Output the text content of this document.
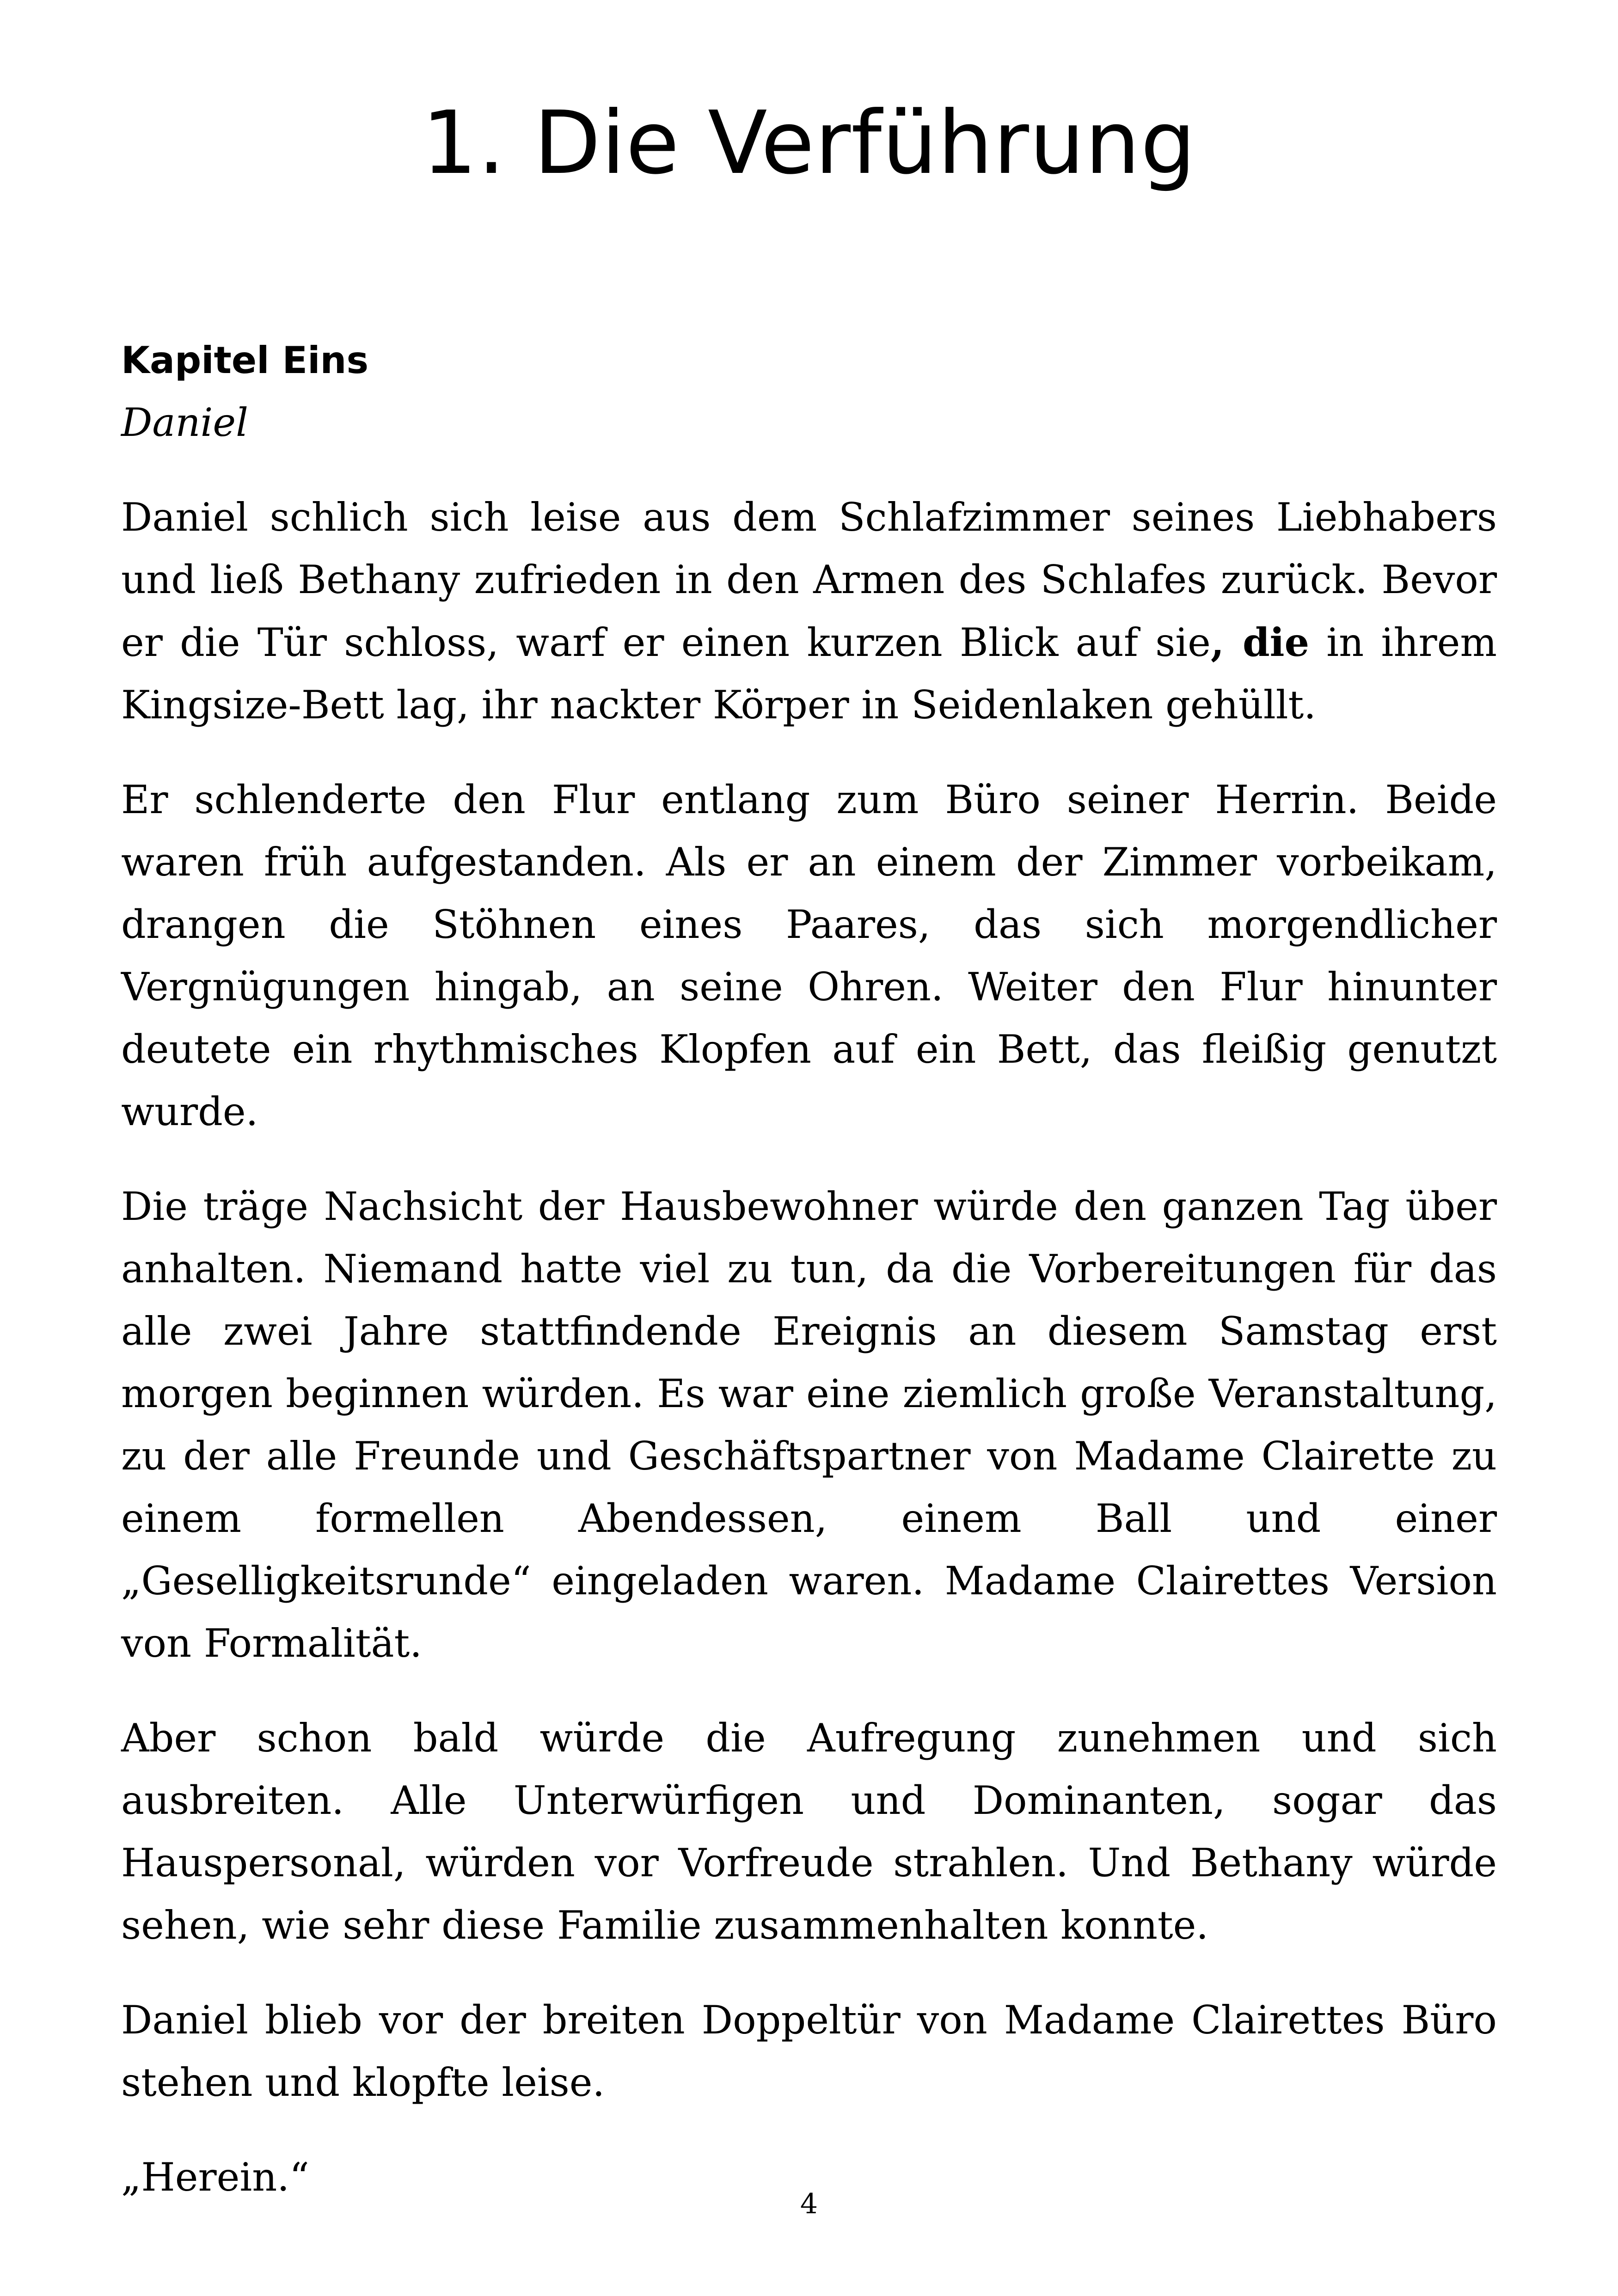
1. Die Verführung

Kapitel Eins

Daniel

Daniel schlich sich leise aus dem Schlafzimmer seines Liebhabers und ließ Bethany zufrieden in den Armen des Schlafes zurück. Bevor er die Tür schloss, warf er einen kurzen Blick auf sie, die in ihrem Kingsize-Bett lag, ihr nackter Körper in Seidenlaken gehüllt.

Er schlenderte den Flur entlang zum Büro seiner Herrin. Beide waren früh aufgestanden. Als er an einem der Zimmer vorbeikam, drangen die Stöhnen eines Paares, das sich morgendlicher Vergnügungen hingab, an seine Ohren. Weiter den Flur hinunter deutete ein rhythmisches Klopfen auf ein Bett, das fleißig genutzt wurde.

Die träge Nachsicht der Hausbewohner würde den ganzen Tag über anhalten. Niemand hatte viel zu tun, da die Vorbereitungen für das alle zwei Jahre stattfindende Ereignis an diesem Samstag erst morgen beginnen würden. Es war eine ziemlich große Veranstaltung, zu der alle Freunde und Geschäftspartner von Madame Clairette zu einem formellen Abendessen, einem Ball und einer „Geselligkeitsrunde“ eingeladen waren. Madame Clairettes Version von Formalität.

Aber schon bald würde die Aufregung zunehmen und sich ausbreiten. Alle Unterwürfigen und Dominanten, sogar das Hauspersonal, würden vor Vorfreude strahlen. Und Bethany würde sehen, wie sehr diese Familie zusammenhalten konnte.

Daniel blieb vor der breiten Doppeltür von Madame Clairettes Büro stehen und klopfte leise.

„Herein.“

4
